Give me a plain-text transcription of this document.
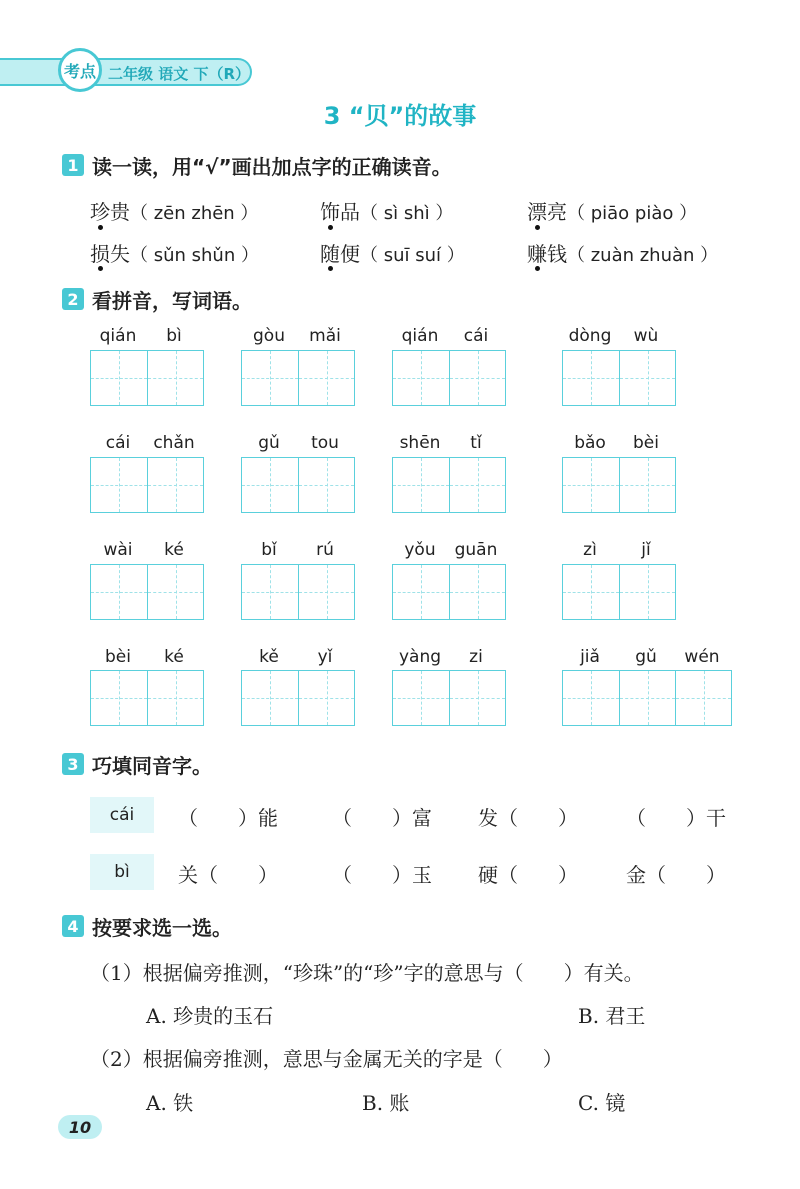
二年级 语文 下（R）
考点
3 “贝”的故事
1 读一读，用“√”画出加点字的正确读音。
珍贵（ zēn zhēn ）	饰品（ sì shì ）	漂亮（ piāo piào ）
损失（ sǔn shǔn ）	随便（ suī suí ）	赚钱（ zuàn zhuàn ）
2 看拼音，写词语。
qián	bì	gòu	mǎi	qián	cái	dòng	wù
cái	chǎn	gǔ	tou	shēn	tǐ	bǎo	bèi
wài	ké	bǐ	rú	yǒu	guān	zì	jǐ
bèi	ké	kě	yǐ	yàng	zi	jiǎ	gǔ	wén
3 巧填同音字。
cái	（　　）能	（　　）富 发（　　） （　　）干
bì	关（　　）	（　　）玉 硬（　　） 金（　　）
4 按要求选一选。
（1）根据偏旁推测，“珍珠”的“珍”字的意思与（　　）有关。
A. 珍贵的玉石	B. 君王
（2）根据偏旁推测，意思与金属无关的字是（　　）
A. 铁	B. 账	C. 镜
10
